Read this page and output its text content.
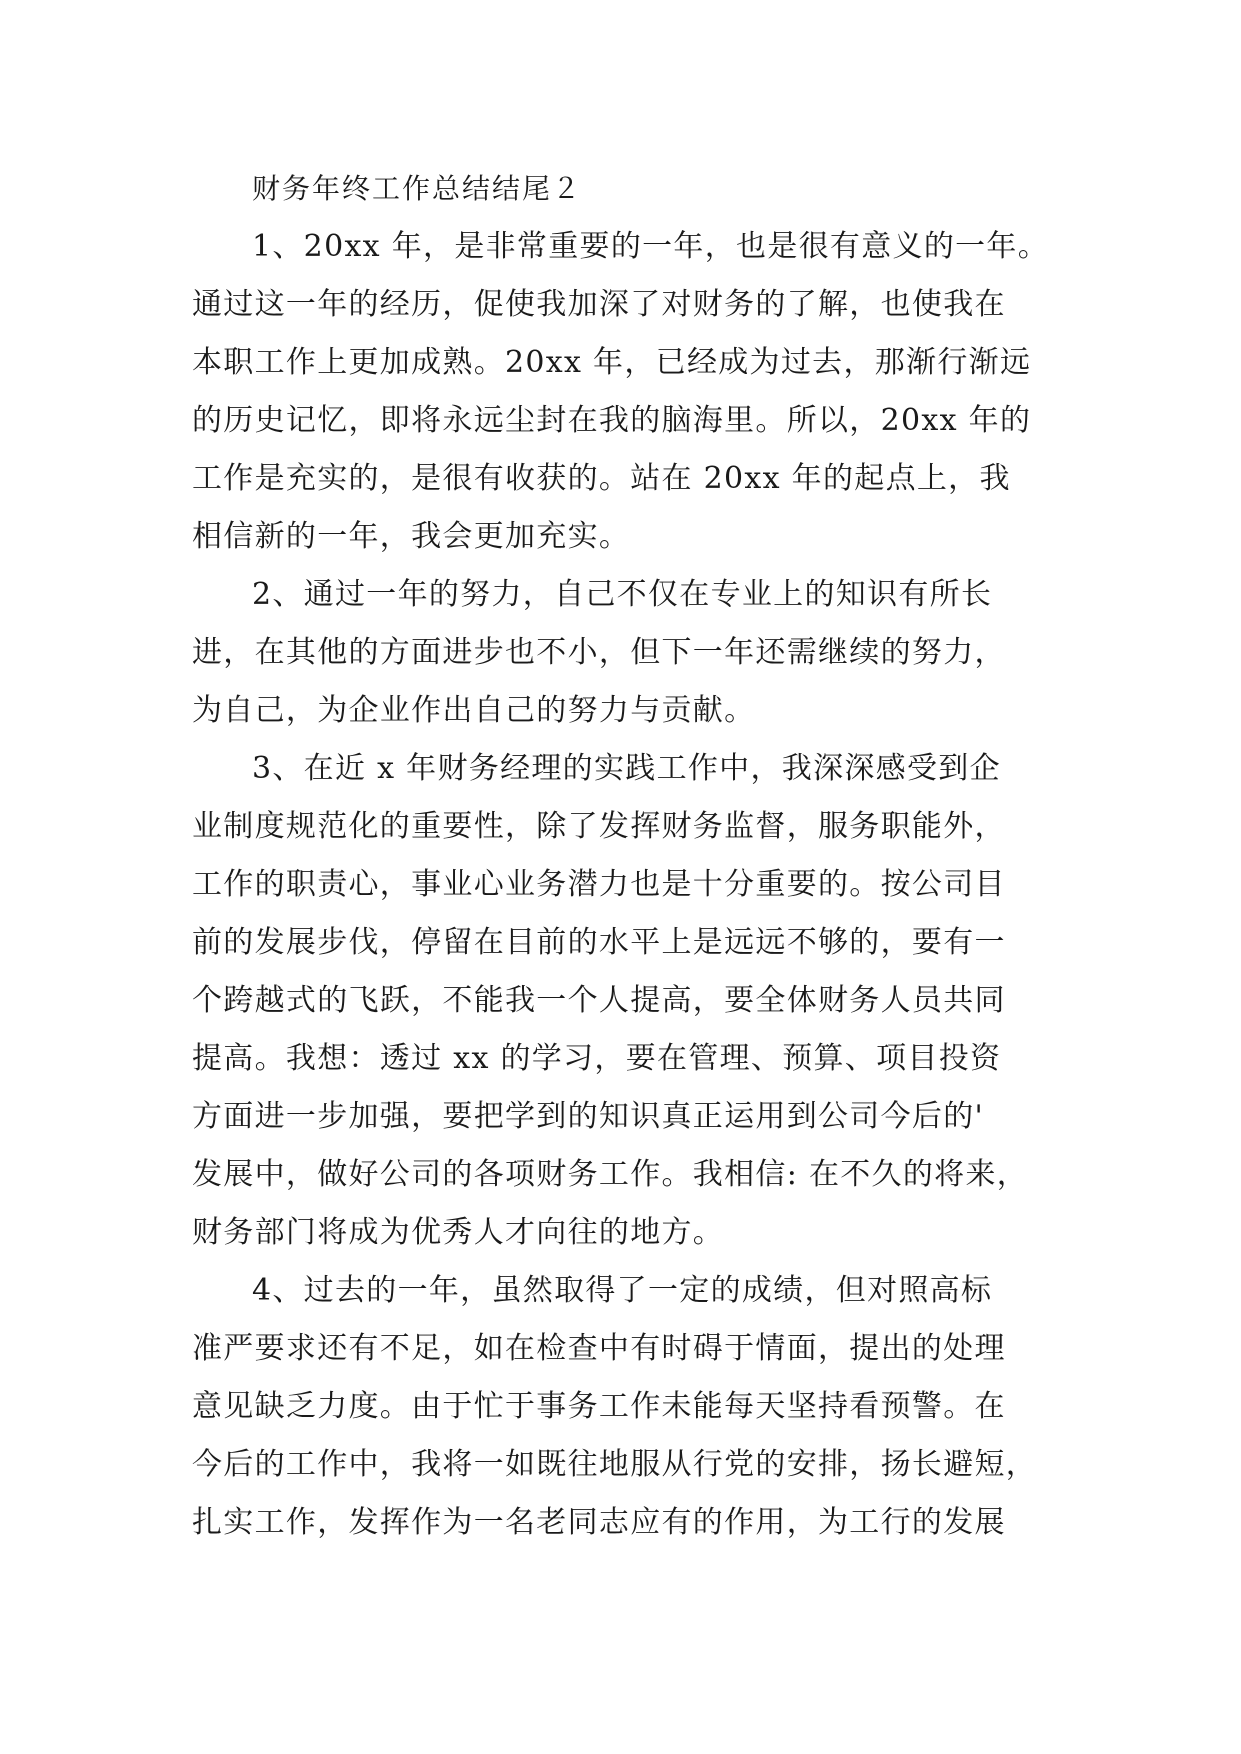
财务年终工作总结结尾２

1、20xx 年，是非常重要的一年，也是很有意义的一年。
通过这一年的经历，促使我加深了对财务的了解，也使我在
本职工作上更加成熟。20xx 年，已经成为过去，那渐行渐远
的历史记忆，即将永远尘封在我的脑海里。所以，20xx 年的
工作是充实的，是很有收获的。站在 20xx 年的起点上，我
相信新的一年，我会更加充实。

2、通过一年的努力，自己不仅在专业上的知识有所长
进，在其他的方面进步也不小，但下一年还需继续的努力，
为自己，为企业作出自己的努力与贡献。

3、在近 x 年财务经理的实践工作中，我深深感受到企
业制度规范化的重要性，除了发挥财务监督，服务职能外，
工作的职责心，事业心业务潜力也是十分重要的。按公司目
前的发展步伐，停留在目前的水平上是远远不够的，要有一
个跨越式的飞跃，不能我一个人提高，要全体财务人员共同
提高。我想：透过 xx 的学习，要在管理、预算、项目投资
方面进一步加强，要把学到的知识真正运用到公司今后的'
发展中，做好公司的各项财务工作。我相信: 在不久的将来，
财务部门将成为优秀人才向往的地方。

4、过去的一年，虽然取得了一定的成绩，但对照高标
准严要求还有不足，如在检查中有时碍于情面，提出的处理
意见缺乏力度。由于忙于事务工作未能每天坚持看预警。在
今后的工作中，我将一如既往地服从行党的安排，扬长避短，
扎实工作，发挥作为一名老同志应有的作用，为工行的发展
